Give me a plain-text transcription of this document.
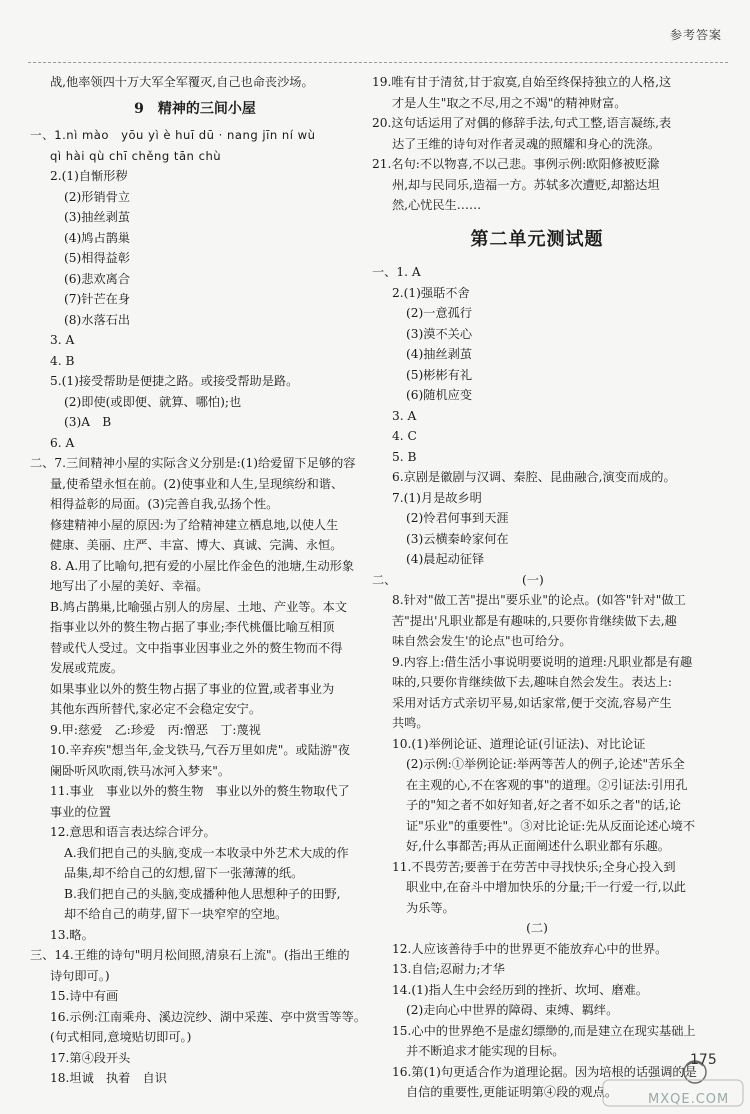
参考答案
战,他率领四十万大军全军覆灭,自己也命丧沙场。
9　精神的三间小屋
一、1.nì mào　yōu yì è huī dū · nang jīn ní wù
qì hài qù chī chěng tān chù
2.(1)自惭形秽
(2)形销骨立
(3)抽丝剥茧
(4)鸠占鹊巢
(5)相得益彰
(6)悲欢离合
(7)针芒在身
(8)水落石出
3. A
4. B
5.(1)接受帮助是便捷之路。或接受帮助是路。
(2)即使(或即便、就算、哪怕);也
(3)A　B
6. A
二、7.三间精神小屋的实际含义分别是:(1)给爱留下足够的容
量,使希望永恒在前。(2)使事业和人生,呈现缤纷和谐、
相得益彰的局面。(3)完善自我,弘扬个性。
修建精神小屋的原因:为了给精神建立栖息地,以使人生
健康、美丽、庄严、丰富、博大、真诚、完满、永恒。
8. A.用了比喻句,把有爱的小屋比作金色的池塘,生动形象
地写出了小屋的美好、幸福。
B.鸠占鹊巢,比喻强占别人的房屋、土地、产业等。本文
指事业以外的赘生物占据了事业;李代桃僵比喻互相顶
替或代人受过。文中指事业因事业之外的赘生物而不得
发展或荒废。
如果事业以外的赘生物占据了事业的位置,或者事业为
其他东西所替代,家必定不会稳定安宁。
9.甲:慈爱　乙:珍爱　丙:憎恶　丁:蔑视
10.辛弃疾"想当年,金戈铁马,气吞万里如虎"。或陆游"夜
阑卧听风吹雨,铁马冰河入梦来"。
11.事业　事业以外的赘生物　事业以外的赘生物取代了
事业的位置
12.意思和语言表达综合评分。
A.我们把自己的头脑,变成一本收录中外艺术大成的作
品集,却不给自己的幻想,留下一张薄薄的纸。
B.我们把自己的头脑,变成播种他人思想种子的田野,
却不给自己的萌芽,留下一块窄窄的空地。
13.略。
三、14.王维的诗句"明月松间照,清泉石上流"。(指出王维的
诗句即可。)
15.诗中有画
16.示例:江南乘舟、溪边浣纱、湖中采莲、亭中赏雪等等。
(句式相同,意境贴切即可。)
17.第④段开头
18.坦诚　执着　自识
19.唯有甘于清贫,甘于寂寞,自始至终保持独立的人格,这
才是人生"取之不尽,用之不竭"的精神财富。
20.这句话运用了对偶的修辞手法,句式工整,语言凝练,表
达了王维的诗句对作者灵魂的照耀和身心的洗涤。
21.名句:不以物喜,不以己悲。事例示例:欧阳修被贬滁
州,却与民同乐,造福一方。苏轼多次遭贬,却豁达坦
然,心忧民生……
第二单元测试题
一、1. A
2.(1)强聒不舍
(2)一意孤行
(3)漠不关心
(4)抽丝剥茧
(5)彬彬有礼
(6)随机应变
3. A
4. C
5. B
6.京剧是徽剧与汉调、秦腔、昆曲融合,演变而成的。
7.(1)月是故乡明
(2)怜君何事到天涯
(3)云横秦岭家何在
(4)晨起动征铎
二、	(一)
8.针对"做工苦"提出"要乐业"的论点。(如答"针对"做工
苦"提出'凡职业都是有趣味的,只要你肯继续做下去,趣
味自然会发生'的论点"也可给分。
9.内容上:借生活小事说明要说明的道理:凡职业都是有趣
味的,只要你肯继续做下去,趣味自然会发生。表达上:
采用对话方式亲切平易,如话家常,便于交流,容易产生
共鸣。
10.(1)举例论证、道理论证(引证法)、对比论证
(2)示例:①举例论证:举两等苦人的例子,论述"苦乐全
在主观的心,不在客观的事"的道理。②引证法:引用孔
子的"知之者不如好知者,好之者不如乐之者"的话,论
证"乐业"的重要性"。③对比论证:先从反面论述心境不
好,什么事都苦;再从正面阐述什么职业都有乐趣。
11.不畏劳苦;要善于在劳苦中寻找快乐;全身心投入到
职业中,在奋斗中增加快乐的分量;干一行爱一行,以此
为乐等。
(二)
12.人应该善待手中的世界更不能放弃心中的世界。
13.自信;忍耐力;才华
14.(1)指人生中会经历到的挫折、坎坷、磨难。
(2)走向心中世界的障碍、束缚、羁绊。
15.心中的世界绝不是虚幻缥缈的,而是建立在现实基础上
并不断追求才能实现的目标。
16.第(1)句更适合作为道理论据。因为培根的话强调的是
自信的重要性,更能证明第④段的观点。
175
MXQE.COM
